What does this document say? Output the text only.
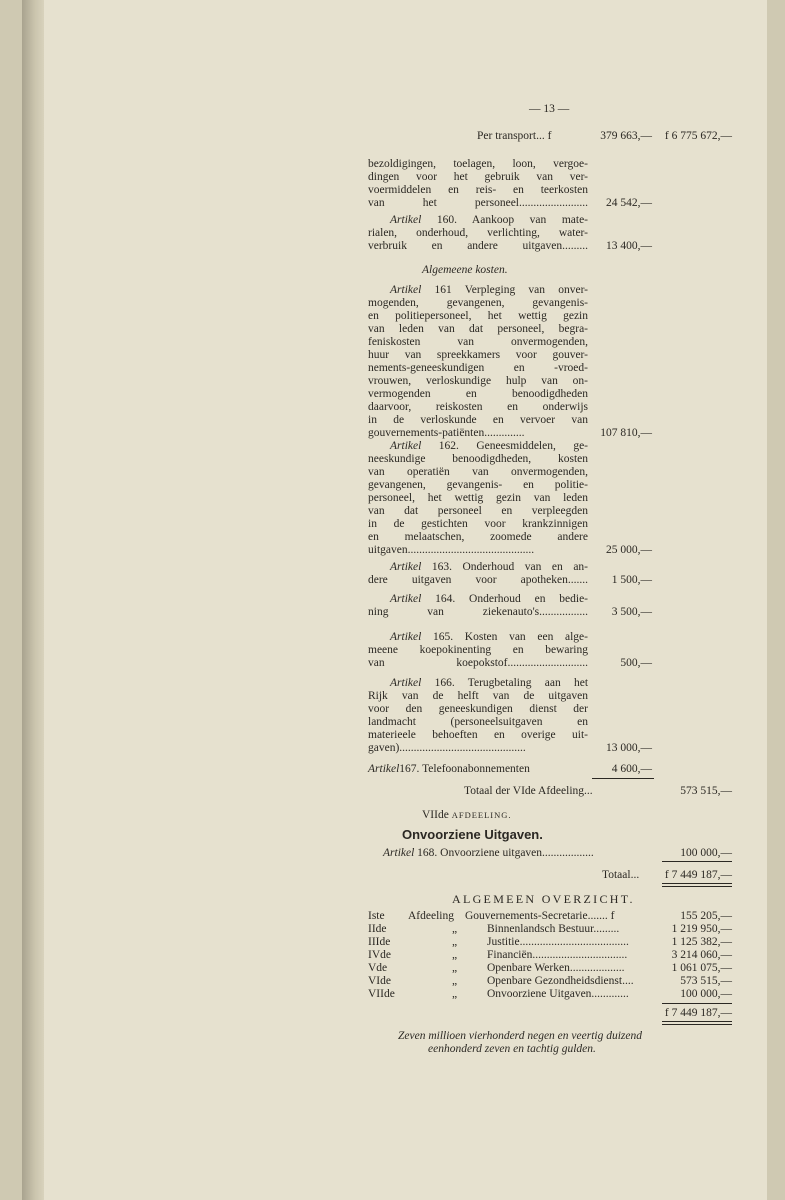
— 13 —
Per transport... f	379 663,—	f 6 775 672,—
bezoldigingen, toelagen, loon, vergoe-
dingen voor het gebruik van ver-
voermiddelen en reis- en teerkosten
van het personeel........................	24 542,—
Artikel 160. Aankoop van mate-
rialen, onderhoud, verlichting, water-
verbruik en andere uitgaven.........	13 400,—
Algemeene kosten.
Artikel 161 Verpleging van onver-
mogenden, gevangenen, gevangenis-
en politiepersoneel, het wettig gezin
van leden van dat personeel, begra-
feniskosten van onvermogenden,
huur van spreekkamers voor gouver-
nements-geneeskundigen en -vroed-
vrouwen, verloskundige hulp van on-
vermogenden en benoodigdheden
daarvoor, reiskosten en onderwijs
in de verloskunde en vervoer van
gouvernements-patiënten..............	107 810,—
Artikel 162. Geneesmiddelen, ge-
neeskundige benoodigdheden, kosten
van operatiën van onvermogenden,
gevangenen, gevangenis- en politie-
personeel, het wettig gezin van leden
van dat personeel en verpleegden
in de gestichten voor krankzinnigen
en melaatschen, zoomede andere
uitgaven............................................	25 000,—
Artikel 163. Onderhoud van en an-
dere uitgaven voor apotheken.......	1 500,—
Artikel 164. Onderhoud en bedie-
ning van ziekenauto's.................	3 500,—
Artikel 165. Kosten van een alge-
meene koepokinenting en bewaring
van koepokstof............................	500,—
Artikel 166. Terugbetaling aan het
Rijk van de helft van de uitgaven
voor den geneeskundigen dienst der
landmacht (personeelsuitgaven en
materieele behoeften en overige uit-
gaven)............................................	13 000,—
Artikel167. Telefoonabonnementen	4 600,—
Totaal der VIde Afdeeling...	573 515,—
VIIde AFDEELING.
Onvoorziene Uitgaven.
Artikel 168. Onvoorziene uitgaven..................	100 000,—
Totaal...	f 7 449 187,—
ALGEMEEN OVERZICHT.
Iste Afdeeling Gouvernements-Secretarie....... f	155 205,—
IIde	„	Binnenlandsch Bestuur.........	1 219 950,—
IIIde	„	Justitie......................................	1 125 382,—
IVde	„	Financiën.................................	3 214 060,—
Vde	„	Openbare Werken...................	1 061 075,—
VIde	„	Openbare Gezondheidsdienst....	573 515,—
VIIde	„	Onvoorziene Uitgaven.............	100 000,—
f 7 449 187,—
Zeven millioen vierhonderd negen en veertig duizend
eenhonderd zeven en tachtig gulden.
